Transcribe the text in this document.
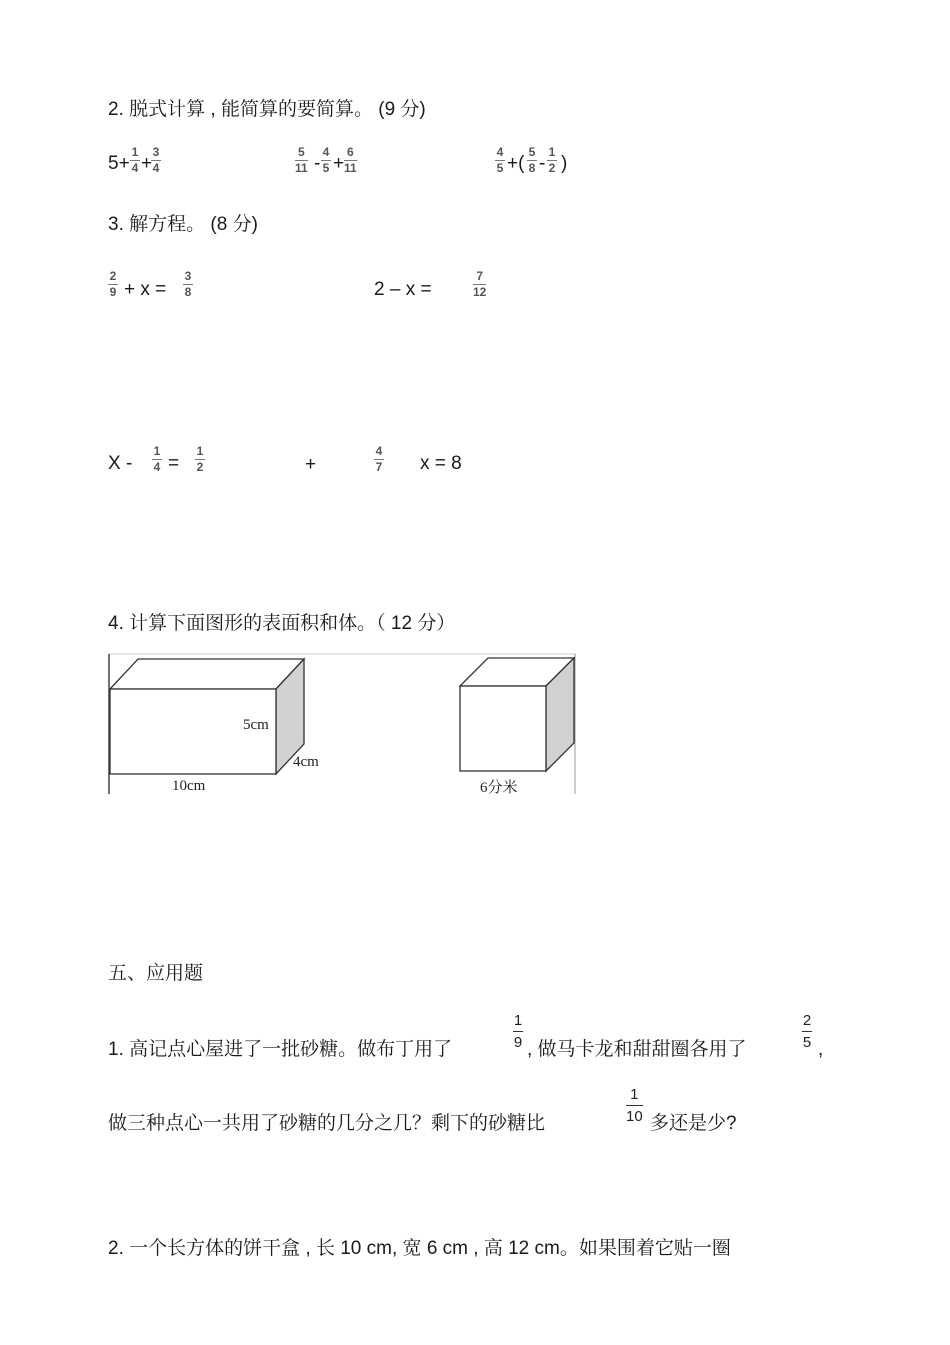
2. 脱式计算 , 能简算的要简算。 (9 分)
5+
1
4 +
3
4
5
11 -
4
5 +
6
11
4
5 +(
5
8 -
1
2 )
3. 解方程。 (8 分)
2
9 + x =
3
8	2 – x =
7
12
X -
1
4 =
1
2	+
4
7 x = 8
4. 计算下面图形的表面积和体。（ 12 分）
5cm
4cm
10cm	6分米
五、应用题
1. 高记点心屋进了一批砂糖。做布丁用了
1
9 , 做马卡龙和甜甜圈各用了
2
5 ,
做三种点心一共用了砂糖的几分之几？剩下的砂糖比
1
10 多还是少?
2. 一个长方体的饼干盒 , 长 10 cm, 宽 6 cm , 高 12 cm。如果围着它贴一圈
